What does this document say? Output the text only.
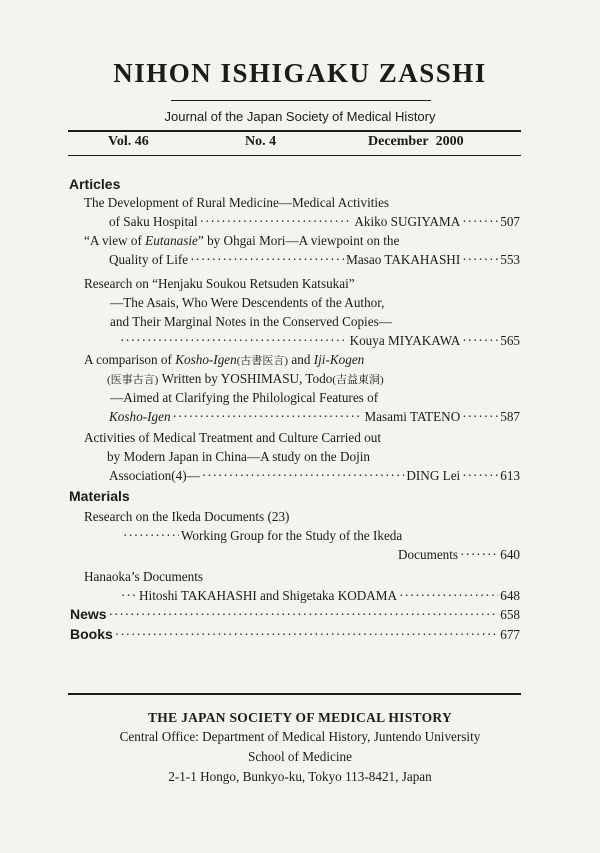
NIHON ISHIGAKU ZASSHI
Journal of the Japan Society of Medical History
Vol. 46	No. 4	December  2000
Articles
The Development of Rural Medicine—Medical Activities
of Saku Hospital ·····	Akiko SUGIYAMA ·····	507
“A view of Eutanasie” by Ohgai Mori—A viewpoint on the
Quality of Life ·····	Masao TAKAHASHI ·····	553
Research on “Henjaku Soukou Retsuden Katsukai”
—The Asais, Who Were Descendents of the Author,
and Their Marginal Notes in the Conserved Copies—
·····
Kouya MIYAKAWA ·····	565
A comparison of Kosho-Igen(古書医言) and Iji-Kogen
(医事古言) Written by YOSHIMASU, Todo(吉益東洞)
—Aimed at Clarifying the Philological Features of
Kosho-Igen ·····	Masami TATENO ·····	587
Activities of Medical Treatment and Culture Carried out
by Modern Japan in China—A study on the Dojin
Association(4)— ·····	DING Lei ·····	613
Materials
Research on the Ikeda Documents (23)
·····
Working Group for the Study of the Ikeda
Documents ·····	640
Hanaoka’s Documents
·····
Hitoshi TAKAHASHI and Shigetaka KODAMA ·····	648
News ·····	658
Books ·····	677
THE JAPAN SOCIETY OF MEDICAL HISTORY
Central Office: Department of Medical History, Juntendo University
School of Medicine
2-1-1 Hongo, Bunkyo-ku, Tokyo 113-8421, Japan
